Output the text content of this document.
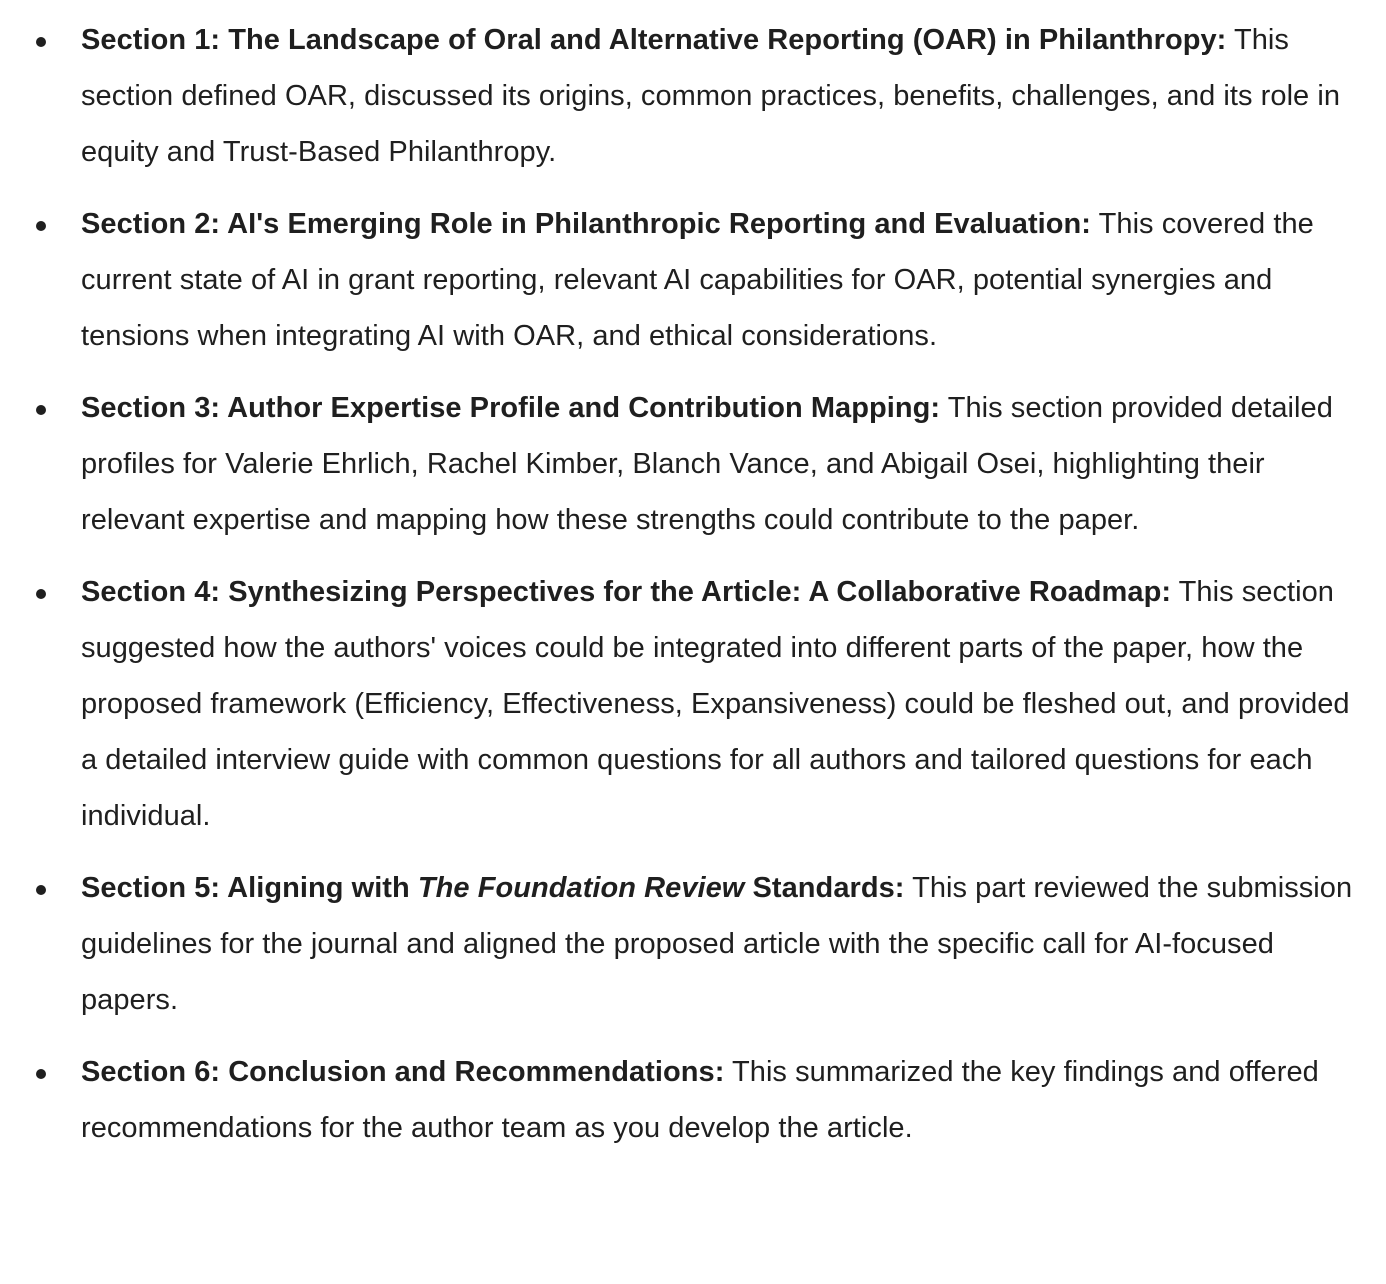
Section 1: The Landscape of Oral and Alternative Reporting (OAR) in Philanthropy: This section defined OAR, discussed its origins, common practices, benefits, challenges, and its role in equity and Trust-Based Philanthropy.
Section 2: AI's Emerging Role in Philanthropic Reporting and Evaluation: This covered the current state of AI in grant reporting, relevant AI capabilities for OAR, potential synergies and tensions when integrating AI with OAR, and ethical considerations.
Section 3: Author Expertise Profile and Contribution Mapping: This section provided detailed profiles for Valerie Ehrlich, Rachel Kimber, Blanch Vance, and Abigail Osei, highlighting their relevant expertise and mapping how these strengths could contribute to the paper.
Section 4: Synthesizing Perspectives for the Article: A Collaborative Roadmap: This section suggested how the authors' voices could be integrated into different parts of the paper, how the proposed framework (Efficiency, Effectiveness, Expansiveness) could be fleshed out, and provided a detailed interview guide with common questions for all authors and tailored questions for each individual.
Section 5: Aligning with The Foundation Review Standards: This part reviewed the submission guidelines for the journal and aligned the proposed article with the specific call for AI-focused papers.
Section 6: Conclusion and Recommendations: This summarized the key findings and offered recommendations for the author team as you develop the article.
